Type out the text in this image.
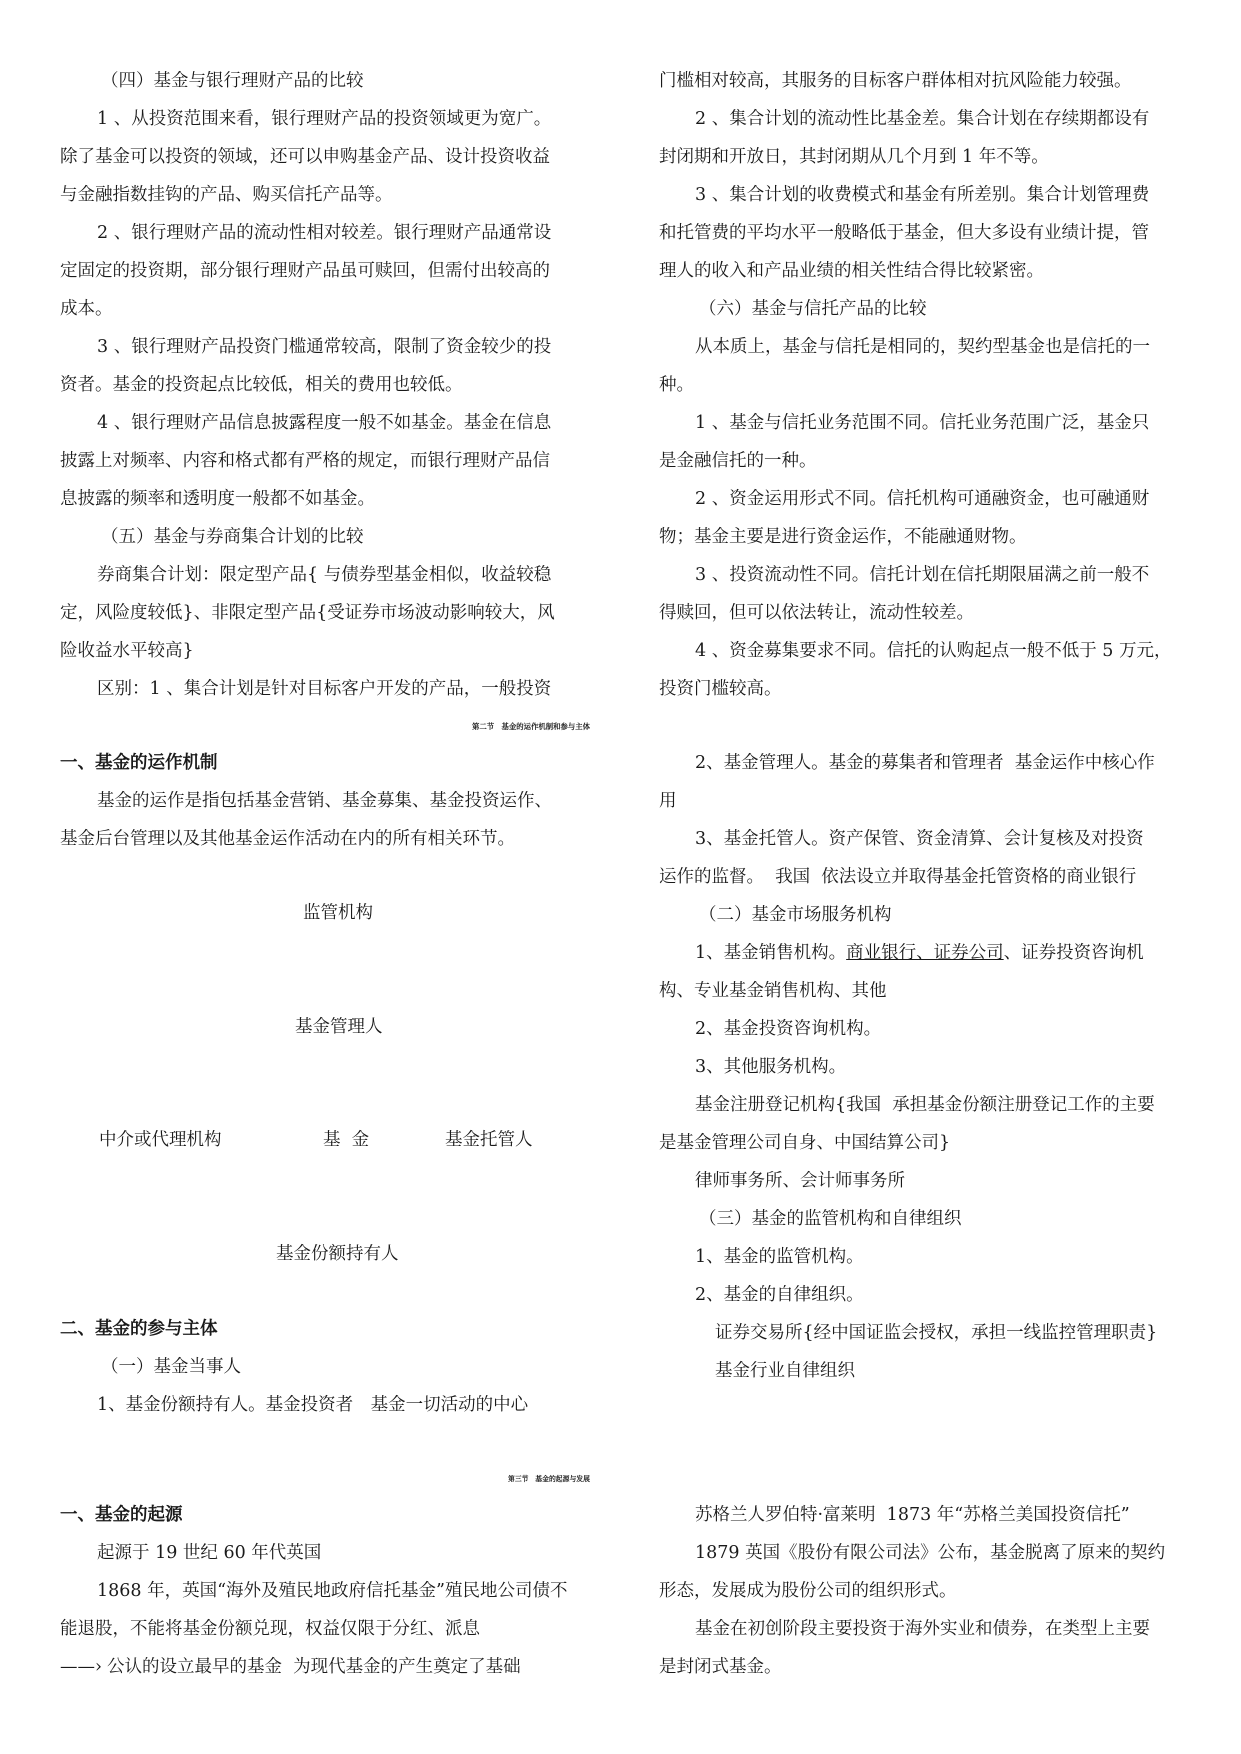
（四）基金与银行理财产品的比较
1 、从投资范围来看，银行理财产品的投资领域更为宽广。
除了基金可以投资的领域，还可以申购基金产品、设计投资收益
与金融指数挂钩的产品、购买信托产品等。
2 、银行理财产品的流动性相对较差。银行理财产品通常设
定固定的投资期，部分银行理财产品虽可赎回，但需付出较高的
成本。
3 、银行理财产品投资门槛通常较高，限制了资金较少的投
资者。基金的投资起点比较低，相关的费用也较低。
4 、银行理财产品信息披露程度一般不如基金。基金在信息
披露上对频率、内容和格式都有严格的规定，而银行理财产品信
息披露的频率和透明度一般都不如基金。
（五）基金与券商集合计划的比较
券商集合计划：限定型产品{ 与债券型基金相似，收益较稳
定，风险度较低}、非限定型产品{受证券市场波动影响较大，风
险收益水平较高}
区别：1 、集合计划是针对目标客户开发的产品，一般投资
门槛相对较高，其服务的目标客户群体相对抗风险能力较强。
2 、集合计划的流动性比基金差。集合计划在存续期都设有
封闭期和开放日，其封闭期从几个月到 1 年不等。
3 、集合计划的收费模式和基金有所差别。集合计划管理费
和托管费的平均水平一般略低于基金，但大多设有业绩计提，管
理人的收入和产品业绩的相关性结合得比较紧密。
（六）基金与信托产品的比较
从本质上，基金与信托是相同的，契约型基金也是信托的一
种。
1 、基金与信托业务范围不同。信托业务范围广泛，基金只
是金融信托的一种。
2 、资金运用形式不同。信托机构可通融资金，也可融通财
物；基金主要是进行资金运作，不能融通财物。
3 、投资流动性不同。信托计划在信托期限届满之前一般不
得赎回，但可以依法转让，流动性较差。
4 、资金募集要求不同。信托的认购起点一般不低于 5 万元，
投资门槛较高。
第二节　基金的运作机制和参与主体
一、基金的运作机制
基金的运作是指包括基金营销、基金募集、基金投资运作、
基金后台管理以及其他基金运作活动在内的所有相关环节。
监管机构
基金管理人
中介或代理机构	基  金	基金托管人
基金份额持有人
二、基金的参与主体
（一）基金当事人
1、基金份额持有人。基金投资者　基金一切活动的中心
2、基金管理人。基金的募集者和管理者  基金运作中核心作
用
3、基金托管人。资产保管、资金清算、会计复核及对投资
运作的监督。  我国  依法设立并取得基金托管资格的商业银行
（二）基金市场服务机构
1、基金销售机构。商业银行、证券公司、证券投资咨询机
构、专业基金销售机构、其他
2、基金投资咨询机构。
3、其他服务机构。
基金注册登记机构{我国  承担基金份额注册登记工作的主要
是基金管理公司自身、中国结算公司}
律师事务所、会计师事务所
（三）基金的监管机构和自律组织
1、基金的监管机构。
2、基金的自律组织。
证券交易所{经中国证监会授权，承担一线监控管理职责}
基金行业自律组织
第三节　基金的起源与发展
一、基金的起源
起源于 19 世纪 60 年代英国
1868 年，英国“海外及殖民地政府信托基金”殖民地公司债不
能退股，不能将基金份额兑现，权益仅限于分红、派息
——› 公认的设立最早的基金  为现代基金的产生奠定了基础
苏格兰人罗伯特·富莱明  1873 年“苏格兰美国投资信托”
1879 英国《股份有限公司法》公布，基金脱离了原来的契约
形态，发展成为股份公司的组织形式。
基金在初创阶段主要投资于海外实业和债券，在类型上主要
是封闭式基金。
